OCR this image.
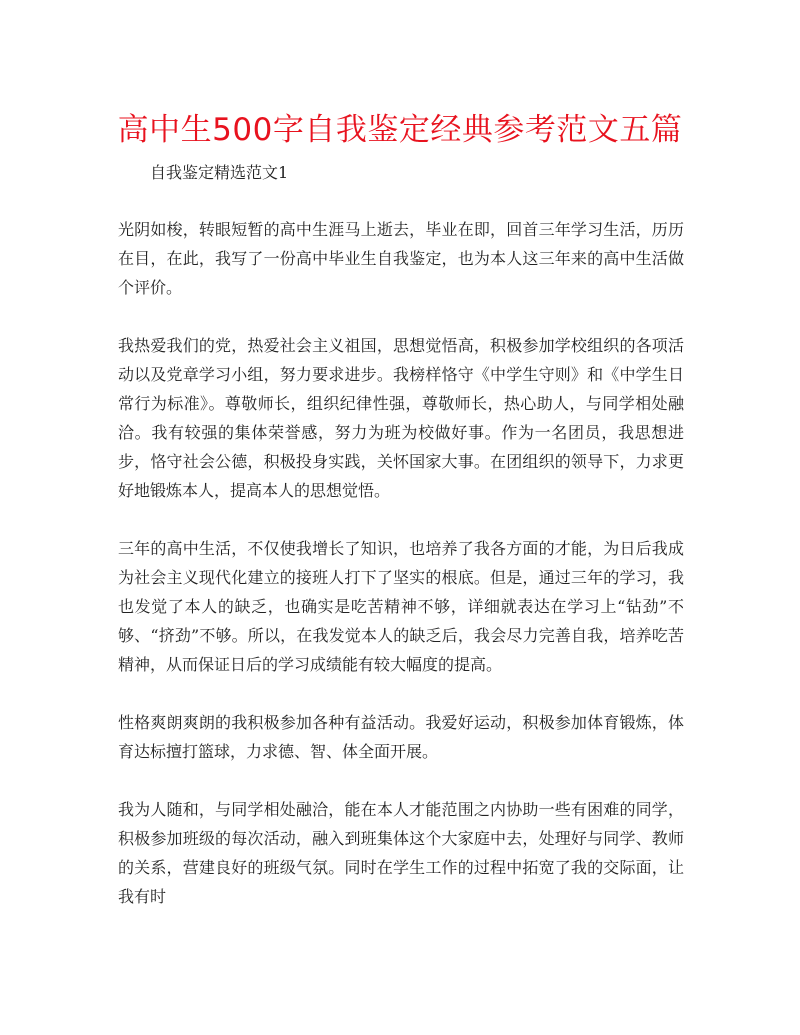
高中生500字自我鉴定经典参考范文五篇

自我鉴定精选范文1

光阴如梭，转眼短暂的高中生涯马上逝去，毕业在即，回首三年学习生活，历历在目，在此，我写了一份高中毕业生自我鉴定，也为本人这三年来的高中生活做个评价。

我热爱我们的党，热爱社会主义祖国，思想觉悟高，积极参加学校组织的各项活动以及党章学习小组，努力要求进步。我榜样恪守《中学生守则》和《中学生日常行为标准》。尊敬师长，组织纪律性强，尊敬师长，热心助人，与同学相处融洽。我有较强的集体荣誉感，努力为班为校做好事。作为一名团员，我思想进步，恪守社会公德，积极投身实践，关怀国家大事。在团组织的领导下，力求更好地锻炼本人，提高本人的思想觉悟。

三年的高中生活，不仅使我增长了知识，也培养了我各方面的才能，为日后我成为社会主义现代化建立的接班人打下了坚实的根底。但是，通过三年的学习，我也发觉了本人的缺乏，也确实是吃苦精神不够，详细就表达在学习上“钻劲”不够、“挤劲”不够。所以，在我发觉本人的缺乏后，我会尽力完善自我，培养吃苦精神，从而保证日后的学习成绩能有较大幅度的提高。

性格爽朗爽朗的我积极参加各种有益活动。我爱好运动，积极参加体育锻炼，体育达标擅打篮球，力求德、智、体全面开展。

我为人随和，与同学相处融洽，能在本人才能范围之内协助一些有困难的同学，积极参加班级的每次活动，融入到班集体这个大家庭中去，处理好与同学、教师的关系，营建良好的班级气氛。同时在学生工作的过程中拓宽了我的交际面，让我有时
